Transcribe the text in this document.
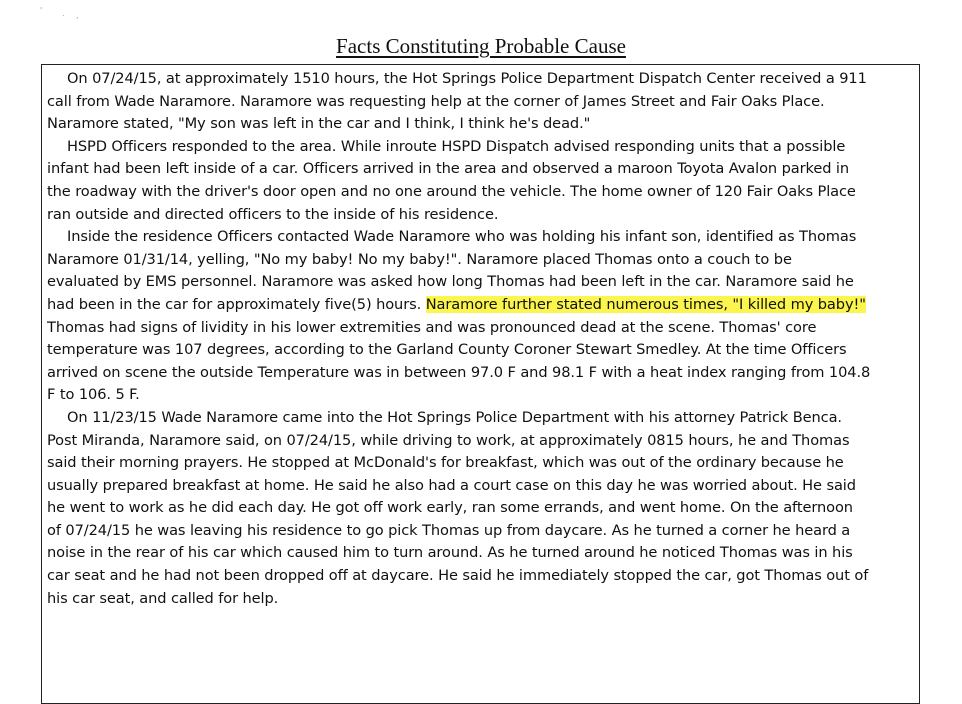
' . ,
Facts Constituting Probable Cause
On 07/24/15, at approximately 1510 hours, the Hot Springs Police Department Dispatch Center received a 911
call from Wade Naramore. Naramore was requesting help at the corner of James Street and Fair Oaks Place.
Naramore stated, "My son was left in the car and I think, I think he's dead."
HSPD Officers responded to the area. While inroute HSPD Dispatch advised responding units that a possible
infant had been left inside of a car. Officers arrived in the area and observed a maroon Toyota Avalon parked in
the roadway with the driver's door open and no one around the vehicle. The home owner of 120 Fair Oaks Place
ran outside and directed officers to the inside of his residence.
Inside the residence Officers contacted Wade Naramore who was holding his infant son, identified as Thomas
Naramore 01/31/14, yelling, "No my baby! No my baby!". Naramore placed Thomas onto a couch to be
evaluated by EMS personnel. Naramore was asked how long Thomas had been left in the car. Naramore said he
had been in the car for approximately five(5) hours. Naramore further stated numerous times, "I killed my baby!"
Thomas had signs of lividity in his lower extremities and was pronounced dead at the scene. Thomas' core
temperature was 107 degrees, according to the Garland County Coroner Stewart Smedley. At the time Officers
arrived on scene the outside Temperature was in between 97.0 F and 98.1 F with a heat index ranging from 104.8
F to 106. 5 F.
On 11/23/15 Wade Naramore came into the Hot Springs Police Department with his attorney Patrick Benca.
Post Miranda, Naramore said, on 07/24/15, while driving to work, at approximately 0815 hours, he and Thomas
said their morning prayers. He stopped at McDonald's for breakfast, which was out of the ordinary because he
usually prepared breakfast at home. He said he also had a court case on this day he was worried about. He said
he went to work as he did each day. He got off work early, ran some errands, and went home. On the afternoon
of 07/24/15 he was leaving his residence to go pick Thomas up from daycare. As he turned a corner he heard a
noise in the rear of his car which caused him to turn around. As he turned around he noticed Thomas was in his
car seat and he had not been dropped off at daycare. He said he immediately stopped the car, got Thomas out of
his car seat, and called for help.
